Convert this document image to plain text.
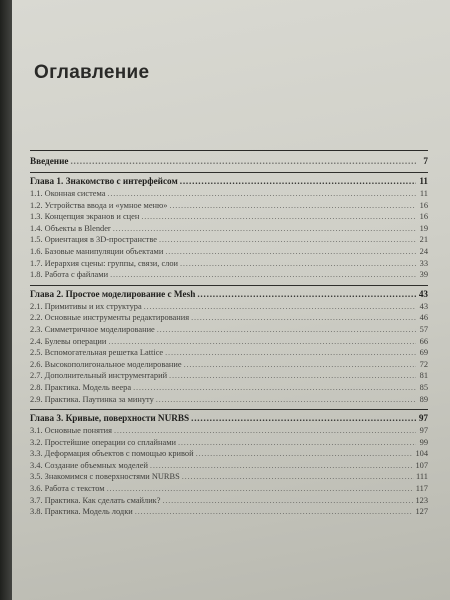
Оглавление
Введение .....	7
Глава 1. Знакомство с интерфейсом .....	11
1.1. Оконная система .....	11
1.2. Устройства ввода и «умное меню» .....	16
1.3. Концепция экранов и сцен .....	16
1.4. Объекты в Blender .....	19
1.5. Ориентация в 3D-пространстве .....	21
1.6. Базовые манипуляции объектами .....	24
1.7. Иерархия сцены: группы, связи, слои .....	33
1.8. Работа с файлами .....	39
Глава 2. Простое моделирование с Mesh .....	43
2.1. Примитивы и их структура .....	43
2.2. Основные инструменты редактирования .....	46
2.3. Симметричное моделирование .....	57
2.4. Булевы операции .....	66
2.5. Вспомогательная решетка Lattice .....	69
2.6. Высокополигональное моделирование .....	72
2.7. Дополнительный инструментарий .....	81
2.8. Практика. Модель веера .....	85
2.9. Практика. Паутинка за минуту .....	89
Глава 3. Кривые, поверхности NURBS .....	97
3.1. Основные понятия .....	97
3.2. Простейшие операции со сплайнами .....	99
3.3. Деформация объектов с помощью кривой .....	104
3.4. Создание объемных моделей .....	107
3.5. Знакомимся с поверхностями NURBS .....	111
3.6. Работа с текстом .....	117
3.7. Практика. Как сделать смайлик? .....	123
3.8. Практика. Модель лодки .....	127
